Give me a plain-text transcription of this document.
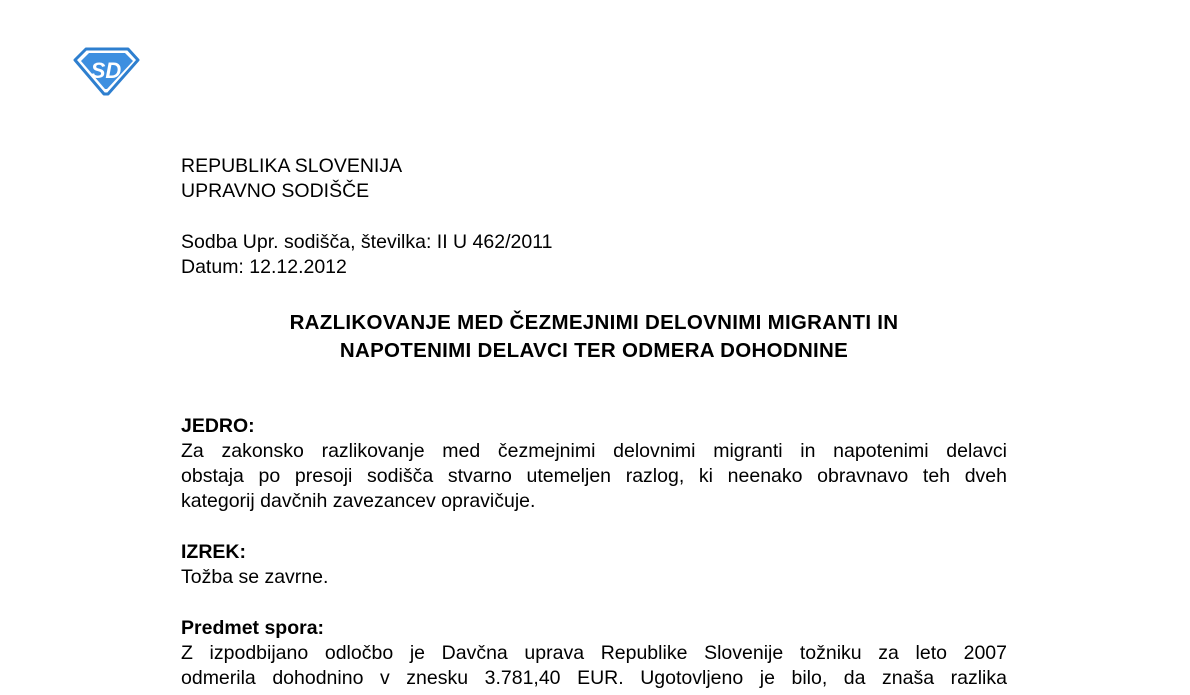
SD
REPUBLIKA SLOVENIJA
UPRAVNO SODIŠČE
Sodba Upr. sodišča, številka: II U 462/2011
Datum: 12.12.2012
RAZLIKOVANJE MED ČEZMEJNIMI DELOVNIMI MIGRANTI IN
NAPOTENIMI DELAVCI TER ODMERA DOHODNINE
JEDRO:
Za zakonsko razlikovanje med čezmejnimi delovnimi migranti in napotenimi delavci
obstaja po presoji sodišča stvarno utemeljen razlog, ki neenako obravnavo teh dveh
kategorij davčnih zavezancev opravičuje.
IZREK:
Tožba se zavrne.
Predmet spora:
Z izpodbijano odločbo je Davčna uprava Republike Slovenije tožniku za leto 2007
odmerila dohodnino v znesku 3.781,40 EUR. Ugotovljeno je bilo, da znaša razlika
